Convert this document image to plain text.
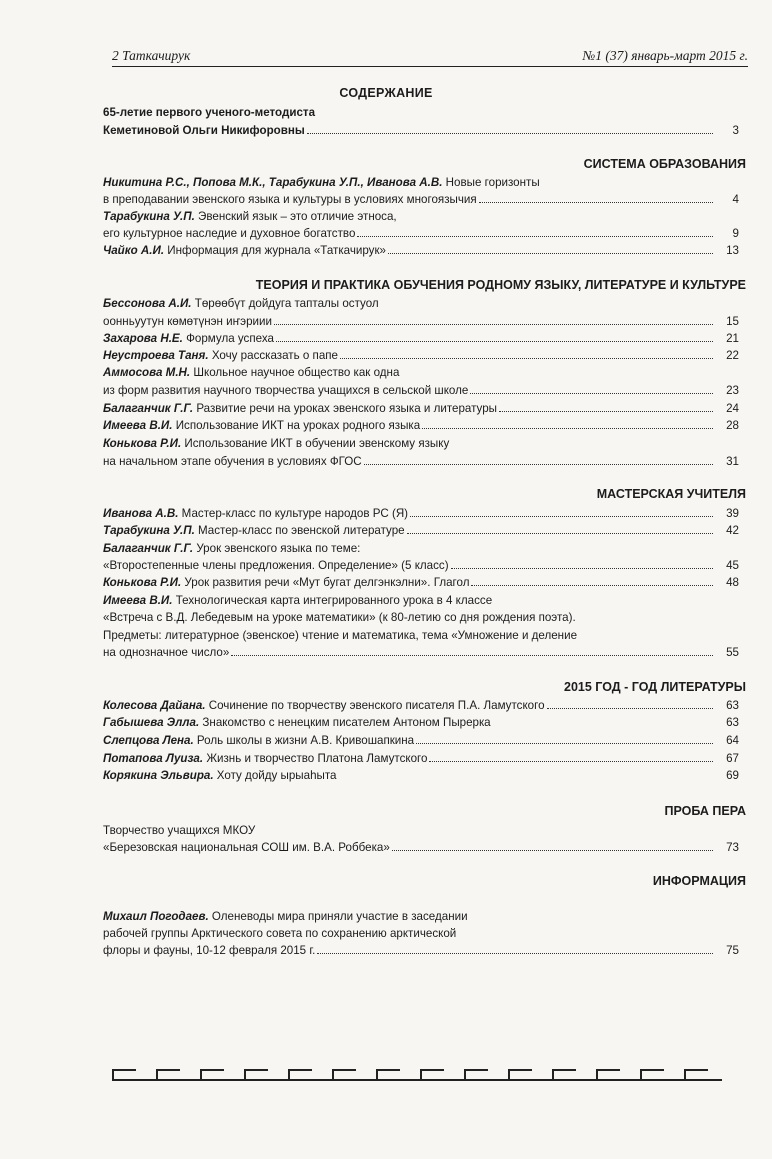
2 Таткачирук	№1 (37) январь-март 2015 г.
СОДЕРЖАНИЕ
65-летие первого ученого-методиста
Кеметиновой Ольги Никифоровны	3
СИСТЕМА ОБРАЗОВАНИЯ
Никитина Р.С., Попова М.К., Тарабукина У.П., Иванова А.В. Новые горизонты
в преподавании эвенского языка и культуры в условиях многоязычия	4
Тарабукина У.П. Эвенский язык – это отличие этноса,
его культурное наследие и духовное богатство	9
Чайко А.И. Информация для журнала «Таткачирук»	13
ТЕОРИЯ И ПРАКТИКА ОБУЧЕНИЯ РОДНОМУ ЯЗЫКУ, ЛИТЕРАТУРЕ И КУЛЬТУРЕ
Бессонова А.И. Төрөөбүт дойдуга тапталы остуол
оонньуутун көмөтүнэн иҥэриии	15
Захарова Н.Е. Формула успеха	21
Неустроева Таня. Хочу рассказать о папе	22
Аммосова М.Н. Школьное научное общество как одна
из форм развития научного творчества учащихся в сельской школе	23
Балаганчик Г.Г. Развитие речи на уроках эвенского языка и литературы	24
Имеева В.И. Использование ИКТ на уроках родного языка	28
Конькова Р.И. Использование ИКТ в обучении эвенскому языку
на начальном этапе обучения в условиях ФГОС	31
МАСТЕРСКАЯ УЧИТЕЛЯ
Иванова А.В. Мастер-класс по культуре народов РС (Я)	39
Тарабукина У.П. Мастер-класс по эвенской литературе	42
Балаганчик Г.Г. Урок эвенского языка по теме:
«Второстепенные члены предложения. Определение» (5 класс)	45
Конькова Р.И. Урок развития речи «Мут бугат делгэнкэлни». Глагол	48
Имеева В.И. Технологическая карта интегрированного урока в 4 классе
«Встреча с В.Д. Лебедевым на уроке математики» (к 80-летию со дня рождения поэта).
Предметы: литературное (эвенское) чтение и математика, тема «Умножение и деление
на однозначное число»	55
2015 ГОД - ГОД ЛИТЕРАТУРЫ
Колесова Дайана. Сочинение по творчеству эвенского писателя П.А. Ламутского	63
Габышева Элла. Знакомство с ненецким писателем Антоном Пыреркa	63
Слепцова Лена. Роль школы в жизни А.В. Кривошапкина	64
Потапова Луиза. Жизнь и творчество Платона Ламутского	67
Корякина Эльвира. Хоту дойду ырыаһыта	69
ПРОБА ПЕРА
Творчество учащихся МКОУ
«Березовская национальная СОШ им. В.А. Роббека»	73
ИНФОРМАЦИЯ
Михаил Погодаев. Оленеводы мира приняли участие в заседании
рабочей группы Арктического совета по сохранению арктической
флоры и фауны, 10-12 февраля 2015 г.	75
